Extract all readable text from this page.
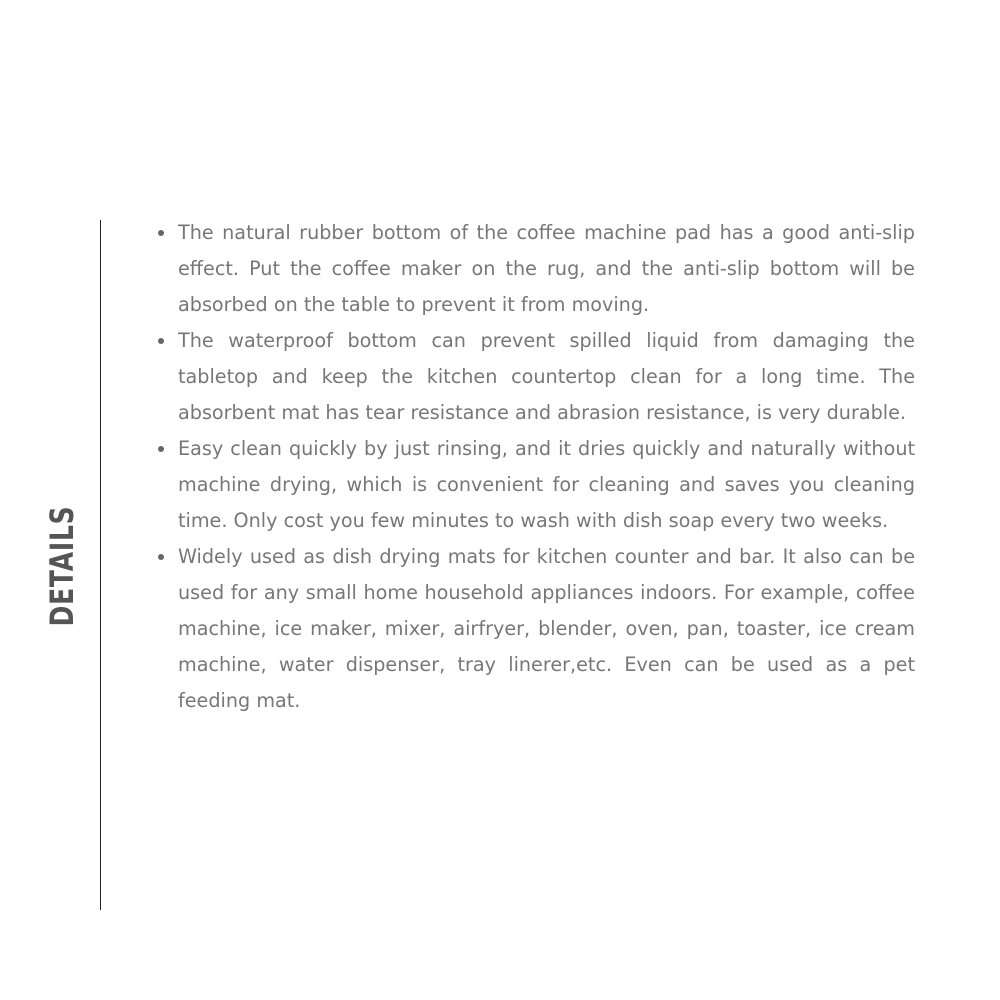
DETAILS
The natural rubber bottom of the coffee machine pad has a good anti-slip effect. Put the coffee maker on the rug, and the anti-slip bottom will be absorbed on the table to prevent it from moving.
The waterproof bottom can prevent spilled liquid from damaging the tabletop and keep the kitchen countertop clean for a long time. The absorbent mat has tear resistance and abrasion resistance, is very durable.
Easy clean quickly by just rinsing, and it dries quickly and naturally without machine drying, which is convenient for cleaning and saves you cleaning time. Only cost you few minutes to wash with dish soap every two weeks.
Widely used as dish drying mats for kitchen counter and bar. It also can be used for any small home household appliances indoors. For example, coffee machine, ice maker, mixer, airfryer, blender, oven, pan, toaster, ice cream machine, water dispenser, tray linerer,etc. Even can be used as a pet feeding mat.
